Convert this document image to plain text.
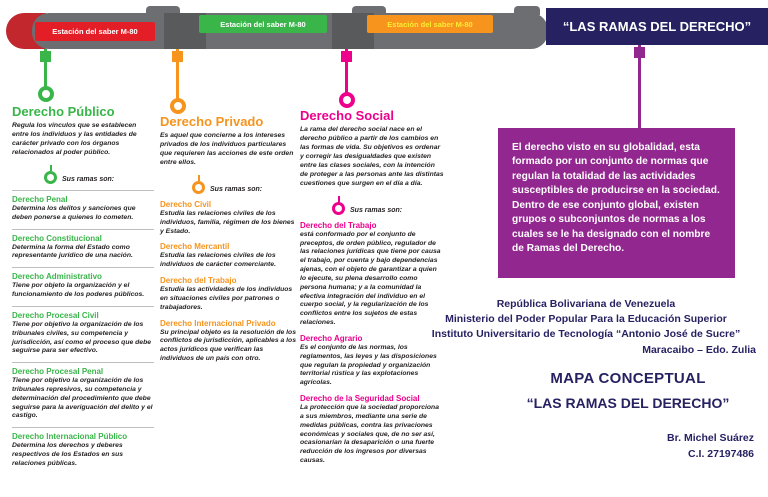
Estación del saber M-80
Estación del saber M-80	Estación del saber M-80	“LAS RAMAS DEL DERECHO”
Derecho Público

Regula los vínculos que se establecen entre los individuos y las entidades de carácter privado con los órganos relacionados al poder público.

Sus ramas son:
Derecho Penal

Determina los delitos y sanciones que deben ponerse a quienes lo cometen.

Derecho Constitucional

Determina la forma del Estado como representante jurídico de una nación.

Derecho Administrativo

Tiene por objeto la organización y el funcionamiento de los poderes públicos.

Derecho Procesal Civil

Tiene por objetivo la organización de los tribunales civiles, su competencia y jurisdicción, así como el proceso que debe seguirse para ser efectivo.

Derecho Procesal Penal

Tiene por objetivo la organización de los tribunales represivos, su competencia y determinación del procedimiento que debe seguirse para la averiguación del delito y el castigo.

Derecho Internacional Público

Determina los derechos y deberes respectivos de los Estados en sus relaciones públicas.

Derecho Privado

Es aquel que concierne a los intereses privados de los individuos particulares que requieren las acciones de este orden entre ellos.

Sus ramas son:
Derecho Civil

Estudia las relaciones civiles de los individuos, familia, régimen de los bienes y Estado.

Derecho Mercantil

Estudia las relaciones civiles de los individuos de carácter comerciante.

Derecho del Trabajo

Estudia las actividades de los individuos en situaciones civiles por patrones o trabajadores.

Derecho Internacional Privado

Su principal objeto es la resolución de los conflictos de jurisdicción, aplicables a los actos jurídicos que verifican las individuos de un país con otro.

Derecho Social

La rama del derecho social nace en el derecho público a partir de los cambios en las formas de vida. Su objetivos es ordenar y corregir las desigualdades que existen entre las clases sociales, con la intención de proteger a las personas ante las distintas cuestiones que surgen en el día a día.

Sus ramas son:
Derecho del Trabajo

está conformado por el conjunto de preceptos, de orden público, regulador de las relaciones jurídicas que tiene por causa el trabajo, por cuenta y bajo dependencias ajenas, con el objeto de garantizar a quien lo ejecute, su plena desarrollo como persona humana; y a la comunidad la efectiva integración del individuo en el cuerpo social, y la regularización de los conflictos entre los sujetos de estas relaciones.

Derecho Agrario

Es el conjunto de las normas, los reglamentos, las leyes y las disposiciones que regulan la propiedad y organización territorial rústica y las explotaciones agrícolas.

Derecho de la Seguridad Social

La protección que la sociedad proporciona a sus miembros, mediante una serie de medidas públicas, contra las privaciones económicas y sociales que, de no ser así, ocasionarían la desaparición o una fuerte reducción de los ingresos por diversas causas.

El derecho visto en su globalidad, esta formado por un conjunto de normas que regulan la totalidad de las actividades susceptibles de producirse en la sociedad. Dentro de ese conjunto global, existen grupos o subconjuntos de normas a los cuales se le ha designado con el nombre de Ramas del Derecho.
República Bolivariana de Venezuela
Ministerio del Poder Popular Para la Educación Superior
Instituto Universitario de Tecnología “Antonio José de Sucre”
Maracaibo – Edo. Zulia
MAPA CONCEPTUAL
“LAS RAMAS DEL DERECHO”
Br. Michel Suárez
C.I. 27197486
